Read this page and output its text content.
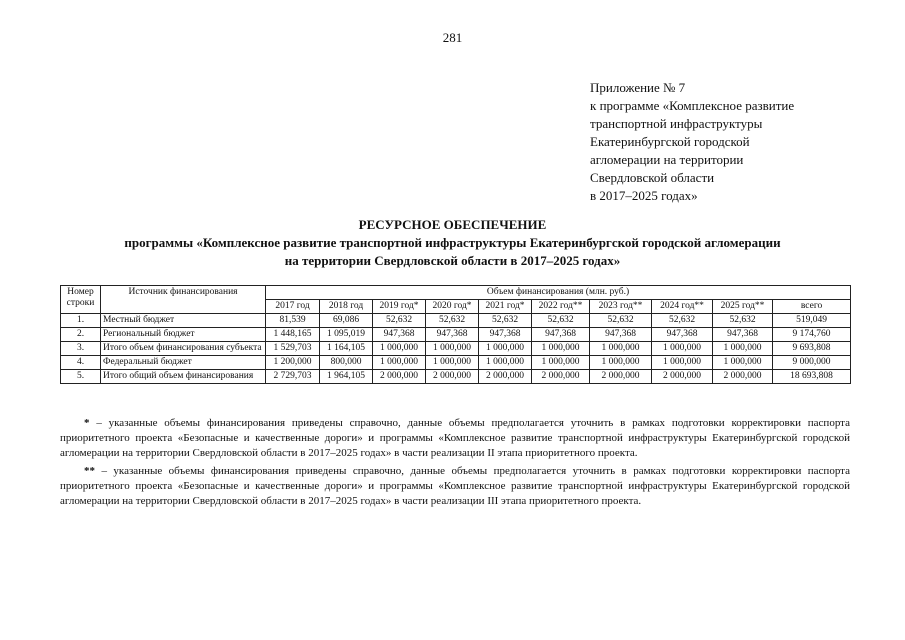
281
Приложение № 7
к программе «Комплексное развитие
транспортной инфраструктуры
Екатеринбургской городской
агломерации на территории
Свердловской области
в 2017–2025 годах»
РЕСУРСНОЕ ОБЕСПЕЧЕНИЕ
программы «Комплексное развитие транспортной инфраструктуры Екатеринбургской городской агломерации
на территории Свердловской области в 2017–2025 годах»
Номер строки	Источник финансирования	Объем финансирования (млн. руб.)									
		2017 год	2018 год	2019 год*	2020 год*	2021 год*	2022 год**	2023 год**	2024 год**	2025 год**	всего
1.	Местный бюджет	81,539	69,086	52,632	52,632	52,632	52,632	52,632	52,632	52,632	519,049
2.	Региональный бюджет	1 448,165	1 095,019	947,368	947,368	947,368	947,368	947,368	947,368	947,368	9 174,760
3.	Итого объем финансирования субъекта	1 529,703	1 164,105	1 000,000	1 000,000	1 000,000	1 000,000	1 000,000	1 000,000	1 000,000	9 693,808
4.	Федеральный бюджет	1 200,000	800,000	1 000,000	1 000,000	1 000,000	1 000,000	1 000,000	1 000,000	1 000,000	9 000,000
5.	Итого общий объем финансирования	2 729,703	1 964,105	2 000,000	2 000,000	2 000,000	2 000,000	2 000,000	2 000,000	2 000,000	18 693,808

* – указанные объемы финансирования приведены справочно, данные объемы предполагается уточнить в рамках подготовки корректировки паспорта приоритетного проекта «Безопасные и качественные дороги» и программы «Комплексное развитие транспортной инфраструктуры Екатеринбургской городской агломерации на территории Свердловской области в 2017–2025 годах» в части реализации II этапа приоритетного проекта.

** – указанные объемы финансирования приведены справочно, данные объемы предполагается уточнить в рамках подготовки корректировки паспорта приоритетного проекта «Безопасные и качественные дороги» и программы «Комплексное развитие транспортной инфраструктуры Екатеринбургской городской агломерации на территории Свердловской области в 2017–2025 годах» в части реализации III этапа приоритетного проекта.
